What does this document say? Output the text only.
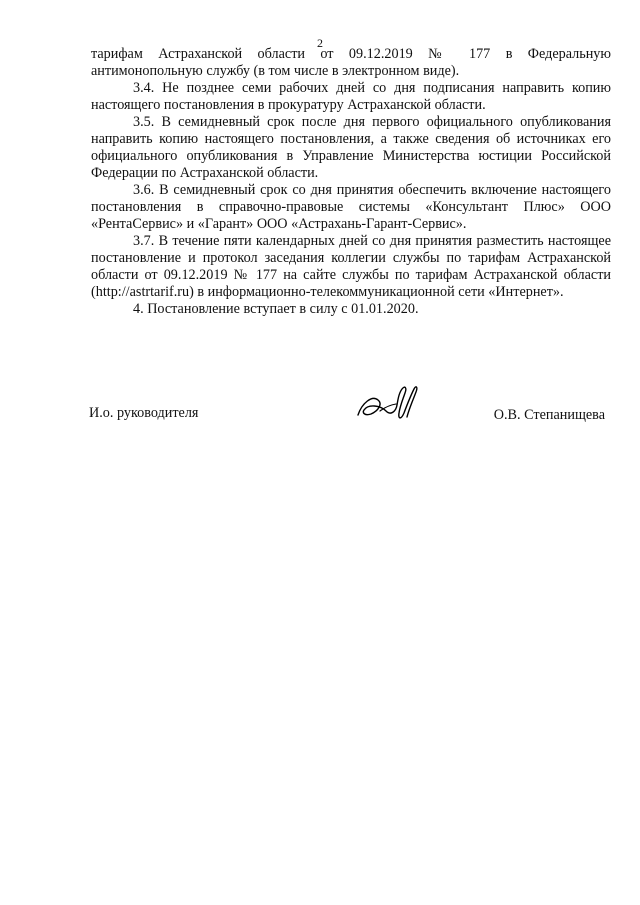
2

тарифам Астраханской области от 09.12.2019 № 177 в Федеральную антимонопольную службу (в том числе в электронном виде).

3.4. Не позднее семи рабочих дней со дня подписания направить копию настоящего постановления в прокуратуру Астраханской области.

3.5. В семидневный срок после дня первого официального опубликования направить копию настоящего постановления, а также сведения об источниках его официального опубликования в Управление Министерства юстиции Российской Федерации по Астраханской области.

3.6. В семидневный срок со дня принятия обеспечить включение настоящего постановления в справочно-правовые системы «Консультант Плюс» ООО «РентаСервис» и «Гарант» ООО «Астрахань-Гарант-Сервис».

3.7. В течение пяти календарных дней со дня принятия разместить настоящее постановление и протокол заседания коллегии службы по тарифам Астраханской области от 09.12.2019 № 177 на сайте службы по тарифам Астраханской области (http://astrtarif.ru) в информационно-телекоммуникационной сети «Интернет».

4. Постановление вступает в силу с 01.01.2020.

И.о. руководителя	О.В. Степанищева
